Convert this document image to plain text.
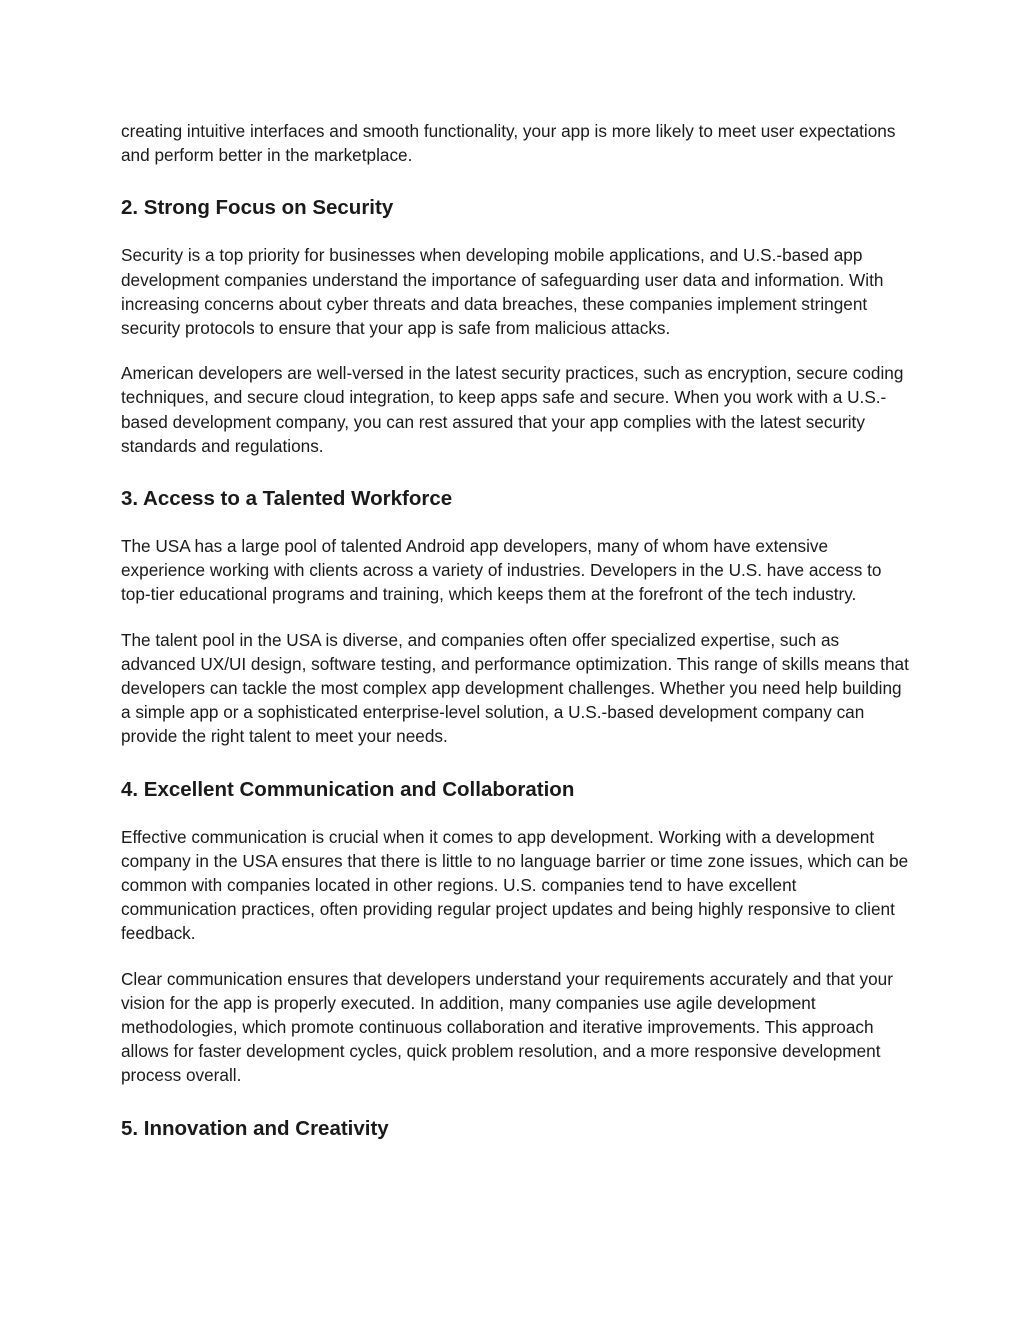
creating intuitive interfaces and smooth functionality, your app is more likely to meet user expectations and perform better in the marketplace.

2. Strong Focus on Security

Security is a top priority for businesses when developing mobile applications, and U.S.-based app development companies understand the importance of safeguarding user data and information. With increasing concerns about cyber threats and data breaches, these companies implement stringent security protocols to ensure that your app is safe from malicious attacks.

American developers are well-versed in the latest security practices, such as encryption, secure coding techniques, and secure cloud integration, to keep apps safe and secure. When you work with a U.S.-based development company, you can rest assured that your app complies with the latest security standards and regulations.

3. Access to a Talented Workforce

The USA has a large pool of talented Android app developers, many of whom have extensive experience working with clients across a variety of industries. Developers in the U.S. have access to top-tier educational programs and training, which keeps them at the forefront of the tech industry.

The talent pool in the USA is diverse, and companies often offer specialized expertise, such as advanced UX/UI design, software testing, and performance optimization. This range of skills means that developers can tackle the most complex app development challenges. Whether you need help building a simple app or a sophisticated enterprise-level solution, a U.S.-based development company can provide the right talent to meet your needs.

4. Excellent Communication and Collaboration

Effective communication is crucial when it comes to app development. Working with a development company in the USA ensures that there is little to no language barrier or time zone issues, which can be common with companies located in other regions. U.S. companies tend to have excellent communication practices, often providing regular project updates and being highly responsive to client feedback.

Clear communication ensures that developers understand your requirements accurately and that your vision for the app is properly executed. In addition, many companies use agile development methodologies, which promote continuous collaboration and iterative improvements. This approach allows for faster development cycles, quick problem resolution, and a more responsive development process overall.

5. Innovation and Creativity
